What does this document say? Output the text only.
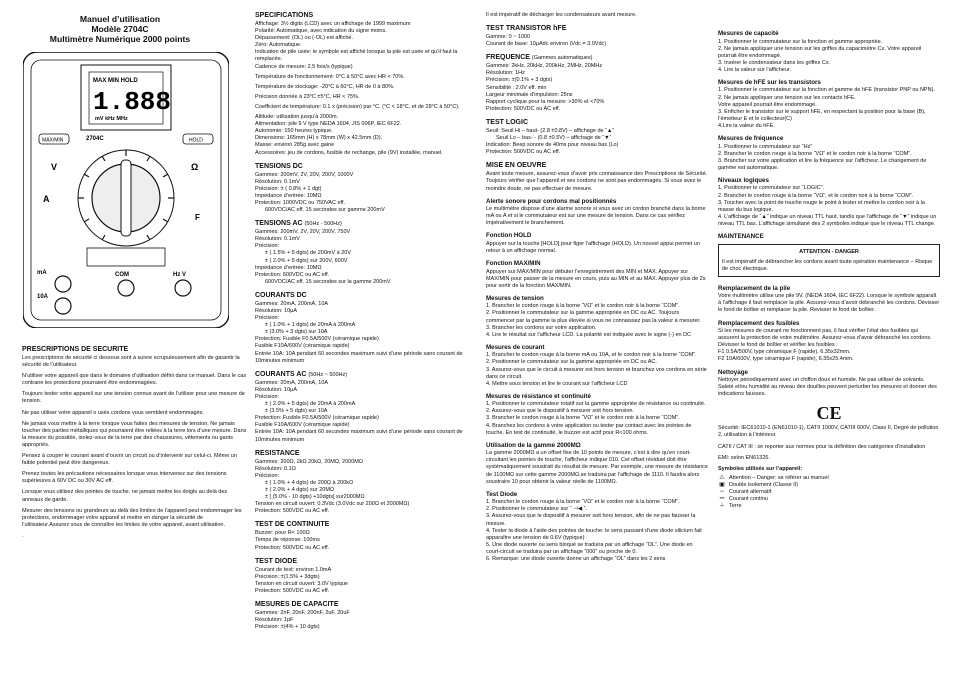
Manuel d’utilisation
Modèle 2704C
Multimètre Numérique 2000 points
MAX MIN HOLD
1.888
mV kHz MHz
2704C
MAX/MIN	HOLD
V
A
Ω
F
mA
10A
COM	Hz V
PRESCRIPTIONS DE SECURITE

Les prescriptions de sécurité ci dessous sont à suivre scrupuleusement afin de garantir la sécurité de l’utilisateur.

N’utiliser votre appareil que dans le domaine d’utilisation défini dans ce manuel. Dans le cas contraire les protections pourraient être endommagées.

Toujours tester votre appareil sur une tension connue avant de l’utiliser pour une mesure de tension.

Ne pas utiliser votre appareil o usés cordons vous semblent endommagés.

Ne jamais vous mettre à la terre lorsque vous faites des mesures de tension. Ne jamais toucher des parties métalliques qui pourraient être reliées à la terre lors d’une mesure. Dans la mesure du possible, isolez-vous de la terre par des chaussures, vêtements ou gants appropriés.

Pensez à couper le courant avant d’ouvrir un circuit ou d’intervenir sur celui-ci. Même un faible potentiel peut être dangereux.

Prenez toutes les précautions nécessaires lorsque vous intervenez sur des tensions supérieures à 60V DC ou 30V AC eff.

Lorsque vous utilisez des pointes de touche, ne jamais mettre les doigts au delà des anneaux de garde.

Mesurer des tensions ou grandeurs au delà des limites de l’appareil peut endommager les protections, endommager votre appareil et mettre en danger la sécurité de l’utilisateur.Assurez vous de connaître les limites de votre appareil, avant utilisation.

.

SPECIFICATIONS
Affichage: 3½ digits (LCD) avec un affichage de 1999 maximum
Polarité: Automatique, avec indication du signe moins.
Dépassement: (OL) ou (-OL) est affiché.
Zéro: Automatique.
Indication de pile usée: le symbole est affiché lorsque la pile est usée et qu’il faut la remplacée.
Cadence de mesure: 2.5 fois/s (typique)
Température de fonctionnement: 0°C à 50°C avec HR < 70%.
Température de stockage: -20°C à 60°C, HR de 0 à 80%.
Précision donnée à 23°C ±5°C, HR < 75%.
Coefficient de température: 0.1 x (précision) par °C. (°C < 18°C, et de 28°C à 50°C).
Altitude: utilisation jusqu’à 2000m.
Alimentation: pile 9 V type NEDA 1604, JIS 006P, IEC 6F22.
Autonomie: 150 heures typique.
Dimensions: 165mm (H) x 78mm (W) x 42.5mm (D).
Masse: environ 285g avec gaine
Accessoires: jeu de cordons, fusible de rechange, pile (9V) installée, manuel.
TENSIONS DC
Gammes: 200mV, 2V, 20V, 200V, 1000V
Résolution: 0.1mV
Précision: ± ( 0.8% + 1 dgt)
Impédance d’entrée: 10MΩ
Protection: 1000VDC ou 750VAC eff.
600VDC/AC eff. 15 secondes sur gamme 200mV
TENSIONS AC (50Hz - 500Hz)
Gammes: 200mV, 2V, 20V, 200V, 750V
Résolution: 0.1mV
Précision:
± ( 1.5% + 5 dgts) de 200mV à 20V
± ( 2.0% + 5 dgts) sur 200V, 600V
Impédance d’entrée: 10MΩ
Protection: 600VDC ou AC eff.
600VDC/AC eff. 15 secondes sur la gamme 200mV
COURANTS DC
Gammes: 20mA, 200mA, 10A
Résolution: 10µA
Précision:
± ( 1.0% + 1 dgts) de 20mA à 200mA
± (3.0% + 3 dgts) sur 10A
Protection: Fusible F0.5A/500V (céramique rapide)
Fusible F10A/600V (céramique rapide)
Entrée 10A: 10A pendant 60 secondes maximum suivi d’une période sans courant de 10minutes minimum
COURANTS AC (50Hz ~ 500Hz)
Gammes: 20mA, 200mA, 10A
Résolution: 10µA
Précision:
± ( 2.0% + 5 dgts) de 20mA à 200mA
± (3.5% + 5 dgts) sur 10A
Protection: Fusible F0.5A/500V (céramique rapide)
Fusible F10A/600V (céramique rapide)
Entrée 10A: 10A pendant 60 secondes maximum suivi d’une période sans courant de 10minutes minimum
RESISTANCE
Gammes: 200Ω, 2kΩ 20kΩ, 20MΩ, 2000MΩ
Résolution: 0.1Ω
Précision:
± ( 1.0% + 4 dgts) de 200Ω à 200kΩ
± ( 2.0% + 4 dgts) sur 20MΩ
± [ (5.0% - 10 dgts) +10dgts] sur2000MΩ
Tension en circuit ouvert: 0.3Vdc (3.0Vdc sur 200Ω et 2000MΩ)
Protection: 500VDC ou AC eff.
TEST DE CONTINUITE
Buzzer: pour R< 100Ω
Temps de réponse: 100ms
Protection: 500VDC ou AC eff.
TEST DIODE
Courant de test: environ 1.0mA
Précision: ±(1.5% + 3dgts)
Tension en circuit ouvert: 3.0V typique
Protection: 500VDC ou AC eff.
MESURES DE CAPACITE
Gammes: 2nF, 20nF, 200nF, 2uF, 20uF
Résolution: 1pF
Précision: ±(4% + 10 dgts)

Il est impératif de décharger les condensateurs avant mesure.

TEST TRANSISTOR hFE
Gamme: 0 ~ 1000
Courant de base: 10µAdc environ (Vdc = 3.0Vdc)
FREQUENCE (Gammes automatiques)
Gammes: 2kHz, 20kHz, 200kHz, 2MHz, 20MHz
Résolution: 1Hz
Précision: ±(0.1% + 3 dgts)
Sensibilité : 2.0V eff. min
Largeur minimale d’impulsion: 25ns
Rapport cyclique pour la mesure: >30% et <70%
Protection: 500VDC ou AC eff.
TEST LOGIC
Seuil: Seuil Hi – haut- (2.8 ±0.8V) – affichage de “▲”
Seuil Lo – bas- - (0.8 ±0.5V) – affichage de “▼”
Indication: Beep sonore de 40ms pour niveau bas (Lo)
Protection: 500VDC ou AC eff.
MISE EN OEUVRE

Avant toute mesure, assurez-vous d’avoir pris connaissance des Prescriptions de Sécurité. Toujours vérifier que l’appareil et ses cordons ne sont pas endommagés. Si vous avez le moindre doute, ne pas effectuer de mesure.

Alerte sonore pour cordons mal positionnés

Le multimètre dispose d’une alarme sonore si vous avez un cordon branché dans la borne mA ou A et si le commutateur est sur une mesure de tension. Dans ce cas vérifiez impérativement le branchement.

Fonction HOLD

Appuyer sur la touche [HOLD] pour figer l’affichage (HOLD). Un nouvel appui permet un retour à un affichage normal.

Fonction MAX/MIN

Appuyer sur MAX/MIN pour débuter l’enregistrement des MIN et MAX. Appuyer sur MAX/MIN pour passer de la mesure en cours, puis au MIN et au MAX. Appuyer plus de 2s pour sortir de la fonction MAX/MIN.

Mesures de tension
1. Brancher le cordon rouge à la borne “VΩ” et le cordon noir à la borne “COM”.
2. Positionner le commutateur sur la gamme appropriée en DC ou AC. Toujours commencer par la gamme la plus élevée si vous ne connaissez pas la valeur à mesurer.
3. Brancher les cordons sur votre application.
4. Lire le résultat sur l’afficheur LCD. La polarité est indiquée avec le signe (-) en DC
Mesures de courant
1. Brancher le cordon rouge à la borne mA ou 10A, et le cordon noir à la borne “COM”.
2. Positionner le commutateur sur la gamme appropriée en DC ou AC.
3. Assurez-vous que le circuit à mesurer est hors tension et branchez vos cordons en série dans ce circuit.
4. Mettre sous tension et lire le courant sur l’afficheur LCD
Mesures de résistance et continuité
1. Positionner le commutateur rotatif sur la gamme appropriée de résistance ou continuité.
2. Assurez-vous que le dispositif à mesurer soit hors tension.
3. Brancher le cordon rouge à la borne “VΩ” et le cordon noir à la borne “COM”.
4. Branchez les cordons à votre application ou tester par contact avec les pointes de touche. En test de continuité, le buzzer est actif pour R<100 ohms.
Utilisation de la gamme 2000MΩ

La gamme 2000MΩ a un offset fixe de 10 points de mesure, c’est à dire qu’en court-circuitant les pointes de touche, l’afficheur indique 010. Cet offset résiduel doit être systématiquement soustrait du résultat de mesure. Par exemple, une mesure de résistance de 1100MΩ sur cette gamme 2000MΩ,se traduira par l’affichage de 1110. Il faudra alors soustraire 10 pour obtenir la valeur réelle de 1100MΩ.

Test Diode
1. Brancher le cordon rouge à la borne “VΩ” et le cordon noir à la borne “COM”.
2. Positionner le commutateur sur “ ⊣◀ ”.
3. Assurez-vous que le dispositif à mesurer soit hors tension, afin de ne pas fausser la mesure.
4. Tester la diode à l’aide des pointes de touche: le sens passant d’une diode silicium fait apparaître une tension de 0.6V (typique)
5. Une diode ouverte ou sens bloqué se traduira par un affichage “OL”. Une diode en court-circuit se traduira par un affichage “000” ou proche de 0.
6. Remarque: une diode ouverte donne un affichage “OL” dans les 2 sens
Mesures de capacité
1. Positionner le commutateur sur la fonction et gamme appropriée.
2. Ne jamais appliquer une tension sur les griffes du capacimètre Cx. Votre appareil pourrait être endommagé.
3. Insérer le condensateur dans les griffes Cx.
4. Lire la valeur sur l’afficheur.
Mesures de hFE sur les transistors
1. Positionner le commutateur sur la fonction et gamme de hFE (transistor PNP ou NPN).
2. Ne jamais appliquer une tension sur les contacts hFE.
Votre appareil pourrait être endommagé.
3. Enficher le transistor sur le support hFE, en respectant la position pour la base (B), l’émetteur E et le collecteur(C)
4.Lire la valeur du hFE.
Mesures de fréquence
1. Positionner le commutateur sur “Hz”
2. Brancher le cordon rouge à la borne “VΩ” et le cordon noir à la borne “COM”.
3. Brancher sur votre application et lire la fréquence sur l’afficheur. Le changement de gamme est automatique.
Niveaux logiques
1. Positionner le commutateur sur “LOGIC”.
2. Brancher le cordon rouge à la borne “VΩ”, et le cordon noir à la borne “COM”.
3. Toucher avec la point de touche rouge le point à tester et mettre le cordon noir à la masse du bus logique.
4. L’affichage de “▲” indique un niveau TTL haut, tandis que l’affichage de “▼” indique un niveau TTL bas. L’affichage simultané des 2 symboles indique que le niveau TTL change.
MAINTENANCE
ATTENTION - DANGER
Il est impératif de débrancher les cordons avant toute opération maintenance – Risque de choc électrique.
Remplacement de la pile

Votre multimètre utilise une pile 9V. (NEDA 1604, IEC 6F22). Lorsque le symbole apparaît à l’affichage il faut remplacer la pile. Assurez-vous d’avoir débranché les cordons. Dévisser le fond de boîtier et remplacer la pile. Revisser le fond de boîtier.

Remplacement des fusibles
Si les mesures de courant ne fonctionnent pas, il faut vérifier l’état des fusibles qui assurent la protection de votre multimètre. Assurez-vous d’avoir débranché les cordons. Dévisser le fond de boîtier et vérifier les fusibles :
F1 0.5A/500V, type céramique F (rapide), 6.35x32mm.
F2 10A/600V, type céramique F (rapide), 6.35x25.4mm.
Nettoyage

Nettoyer périodiquement avec un chiffon doux et humide. Ne pas utiliser de solvants. Saleté et/ou humidité au niveau des douilles peuvent perturber les mesures et donner des indications fausses.

CE

Sécurité: IEC61010-1 (EN61010-1), CATII 1000V, CATIII 600V, Class II, Degré de pollution 2, utilisation à l’intérieur.

CATII / CAT III : se reporter aux normes pour la définition des catégories d’installation

EMI: selon EN61326.

Symboles utilisés sur l’appareil:

⚠ Attention – Danger: se référer au manuel
▣ Double isolement (Classe II)
∼ Courant alternatif
⎓ Courant continu
⏚ Terre
